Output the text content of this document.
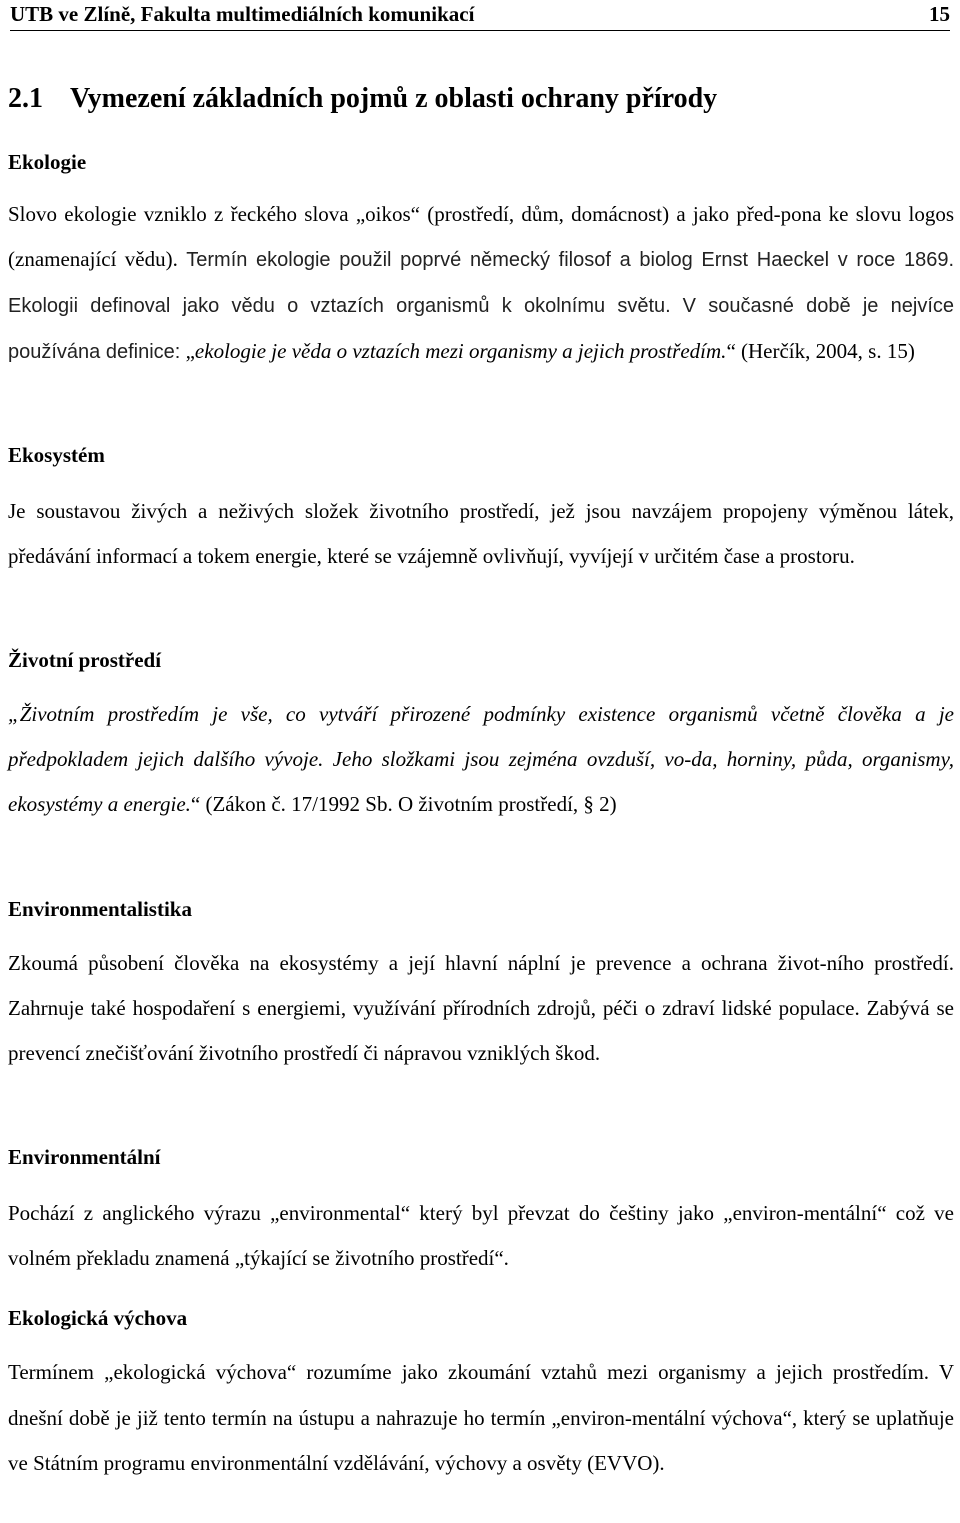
UTB ve Zlíně, Fakulta multimediálních komunikací	15
2.1 Vymezení základních pojmů z oblasti ochrany přírody
Ekologie
Slovo ekologie vzniklo z řeckého slova „oikos“ (prostředí, dům, domácnost) a jako před-pona ke slovu logos (znamenající vědu). Termín ekologie použil poprvé německý filosof a biolog Ernst Haeckel v roce 1869. Ekologii definoval jako vědu o vztazích organismů k okolnímu světu. V současné době je nejvíce používána definice: „ekologie je věda o vztazích mezi organismy a jejich prostředím.“ (Herčík, 2004, s. 15)
Ekosystém
Je soustavou živých a neživých složek životního prostředí, jež jsou navzájem propojeny výměnou látek, předávání informací a tokem energie, které se vzájemně ovlivňují, vyvíjejí v určitém čase a prostoru.
Životní prostředí
„Životním prostředím je vše, co vytváří přirozené podmínky existence organismů včetně člověka a je předpokladem jejich dalšího vývoje. Jeho složkami jsou zejména ovzduší, vo-da, horniny, půda, organismy, ekosystémy a energie.“ (Zákon č. 17/1992 Sb. O životním prostředí, § 2)
Environmentalistika
Zkoumá působení člověka na ekosystémy a její hlavní náplní je prevence a ochrana život-ního prostředí. Zahrnuje také hospodaření s energiemi, využívání přírodních zdrojů, péči o zdraví lidské populace. Zabývá se prevencí znečišťování životního prostředí či nápravou vzniklých škod.
Environmentální
Pochází z anglického výrazu „environmental“ který byl převzat do češtiny jako „environ-mentální“ což ve volném překladu znamená „týkající se životního prostředí“.
Ekologická výchova
Termínem „ekologická výchova“ rozumíme jako zkoumání vztahů mezi organismy a jejich prostředím. V dnešní době je již tento termín na ústupu a nahrazuje ho termín „environ-mentální výchova“, který se uplatňuje ve Státním programu environmentální vzdělávání, výchovy a osvěty (EVVO).
